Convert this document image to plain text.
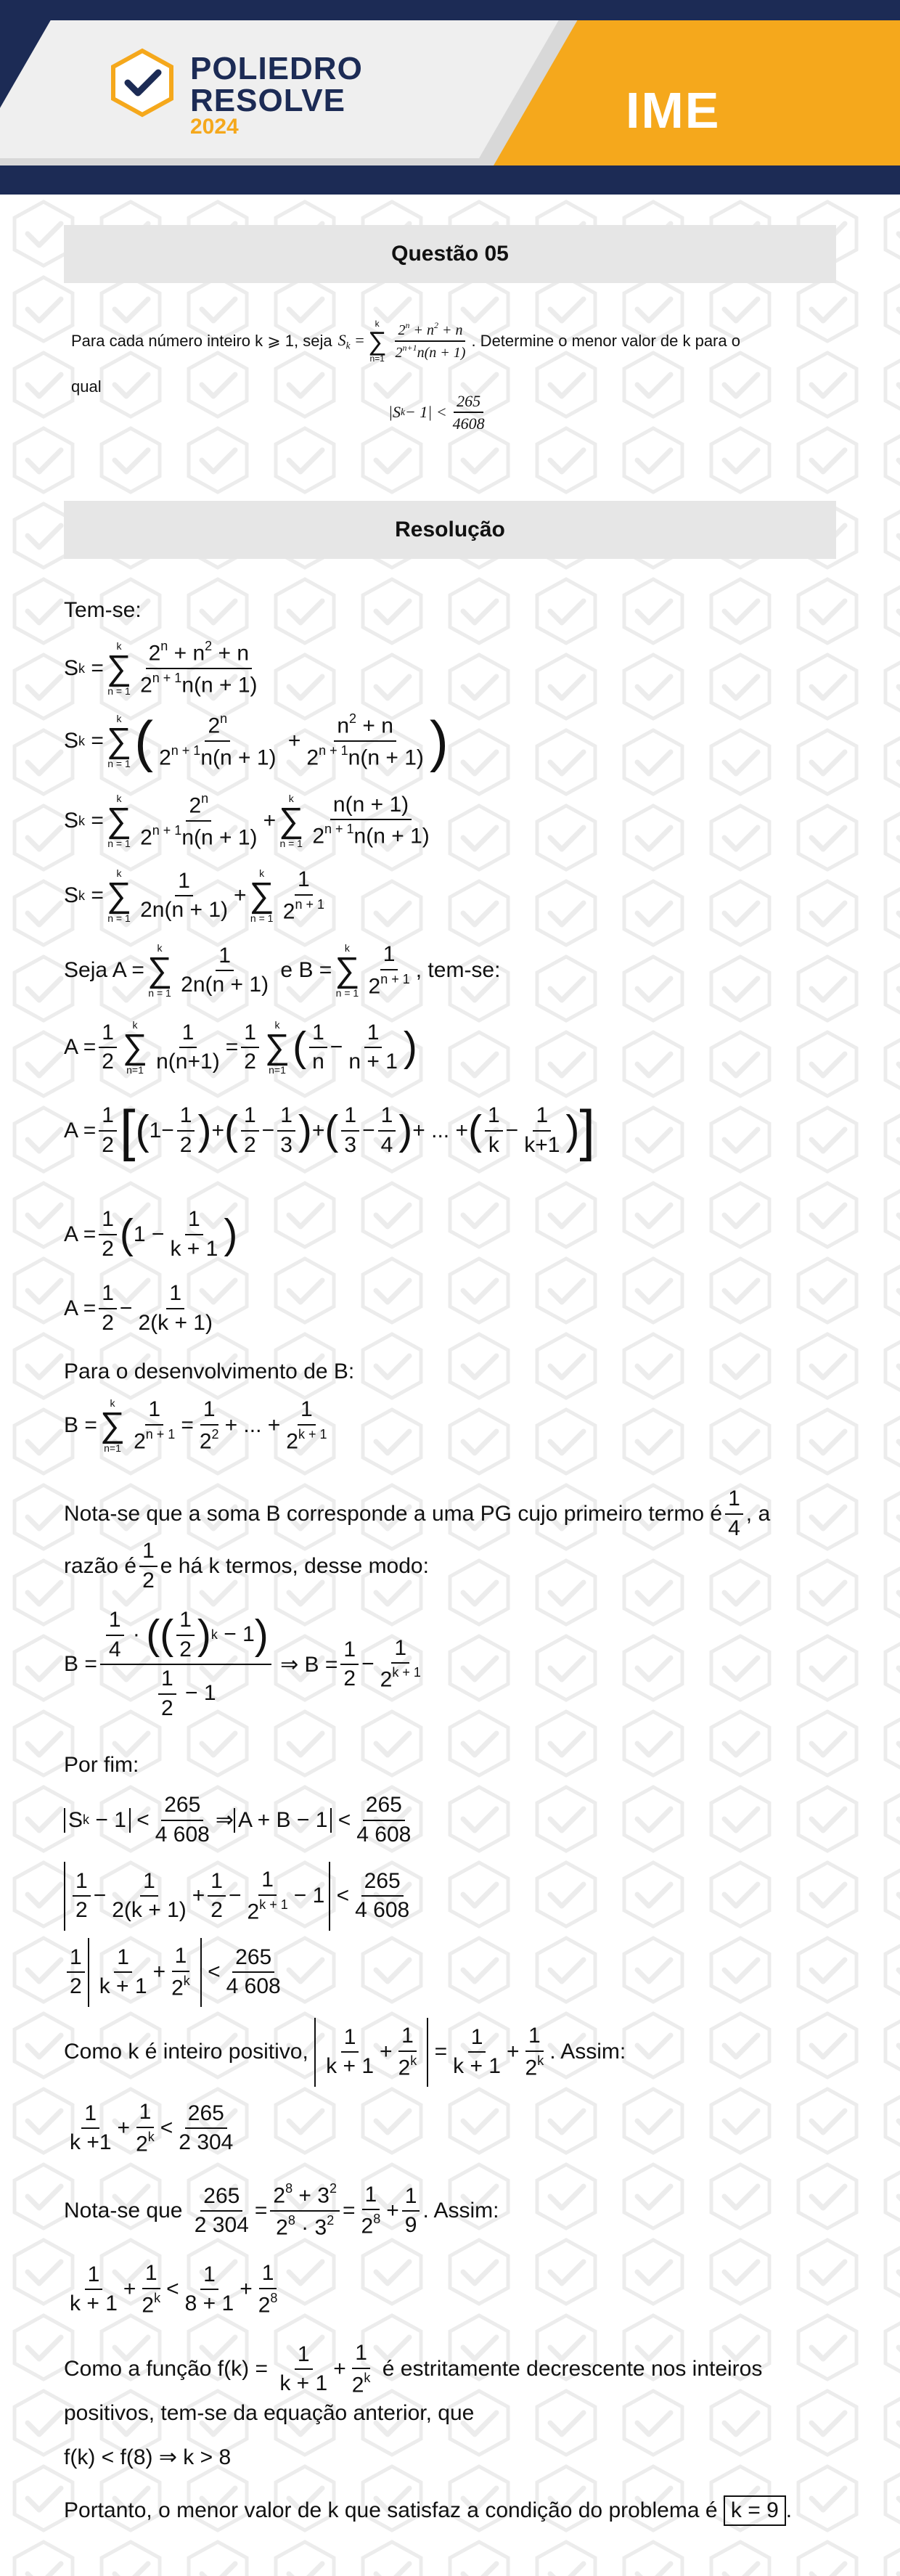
POLIEDRO
RESOLVE
2024	IME
Questão 05
Para cada número inteiro k ⩾ 1, seja $S_k$ =
k
∑
$n=1 \frac{2^n + n^2 + n}{2^{n+1}n(n + 1)}$ . Determine o menor valor de k para o
qual
|S $k - 1| < \frac{265}{4608}$
Resolução
Tem-se:
S k =
k
∑
$n = 1 \frac{2^n + n^2 + n}{2^{n + 1}n(n + 1)}$
S k =
k
∑
n = 1 ( $\frac{2^n}{2^{n + 1}n(n + 1)} + \frac{n^2 + n}{2^{n + 1}n(n + 1)}$ )
S k =
k
∑
$n = 1 \frac{2^n}{2^{n + 1}n(n + 1)}$ +
k
∑
$n = 1 \frac{n(n + 1)}{2^{n + 1}n(n + 1)}$
S k =
k
∑
$n = 1 \frac{1}{2n(n + 1)}$ +
k
∑
$n = 1 \frac{1}{2^{n + 1}}$
Seja A =
k
∑
$n = 1 \frac{1}{2n(n + 1)}$
e B =
k
∑
$n = 1 \frac{1}{2^{n + 1}}$ , tem-se:
$A = \frac{1}{2}$ k
∑
$n=1 \frac{1}{n(n+1)} = \frac{1}{2}$ k
∑
n=1 ( $\frac{1}{n} - \frac{1}{n + 1}$ )
$A = \frac{1}{2}$ [ ( $1- \frac{1}{2}$ ) + ( $\frac{1}{2} - \frac{1}{3}$ ) + ( $\frac{1}{3} - \frac{1}{4}$ ) + ... + ( $\frac{1}{k} - \frac{1}{k+1}$ ) ]
$A = \frac{1}{2}$ ( $1 - \frac{1}{k + 1}$ )
$A = \frac{1}{2} - \frac{1}{2(k + 1)}$
Para o desenvolvimento de B:
B =
k
∑
$n=1 \frac{1}{2^{n + 1}} = \frac{1}{2^2}$ + ... + $\frac{1}{2^{k + 1}}$
Nota-se que a soma B corresponde a uma PG cujo primeiro termo é $\frac{1}{4}$ , a
razão é $\frac{1}{2}$ e há k termos, desse modo:
$B = \frac{\frac{1}{4} \cdot ( ( \frac{1}{2} ) k - 1 )}{\frac{1}{2} - 1}$ ⇒ $B = \frac{1}{2} - \frac{1}{2^{k + 1}}$
Por fim:
S $k - 1 < \frac{265}{4 608}$ ⇒ $A + B - 1 < \frac{265}{4 608}$
$\frac{1}{2} - \frac{1}{2(k + 1)} + \frac{1}{2} - \frac{1}{2^{k + 1}} - 1 < \frac{265}{4 608}$
$\frac{1}{2} \frac{1}{k + 1} + \frac{1}{2^k} < \frac{265}{4 608}$
Como k é inteiro positivo,
$\frac{1}{k + 1} + \frac{1}{2^k} = \frac{1}{k + 1} + \frac{1}{2^k}$ . Assim:
$\frac{1}{k +1} + \frac{1}{2^k} < \frac{265}{2 304}$
Nota-se que
$\frac{265}{2 304} = \frac{2^8 + 3^2}{2^8 \cdot 3^2} = \frac{1}{2^8} + \frac{1}{9}$ . Assim:
$\frac{1}{k + 1} + \frac{1}{2^k} < \frac{1}{8 + 1} + \frac{1}{2^8}$
Como a função f(k) =
$\frac{1}{k + 1} + \frac{1}{2^k}$
é estritamente decrescente nos inteiros
positivos, tem-se da equação anterior, que
f(k) < f(8) ⇒ k > 8
Portanto, o menor valor de k que satisfaz a condição do problema é
k = 9 .
